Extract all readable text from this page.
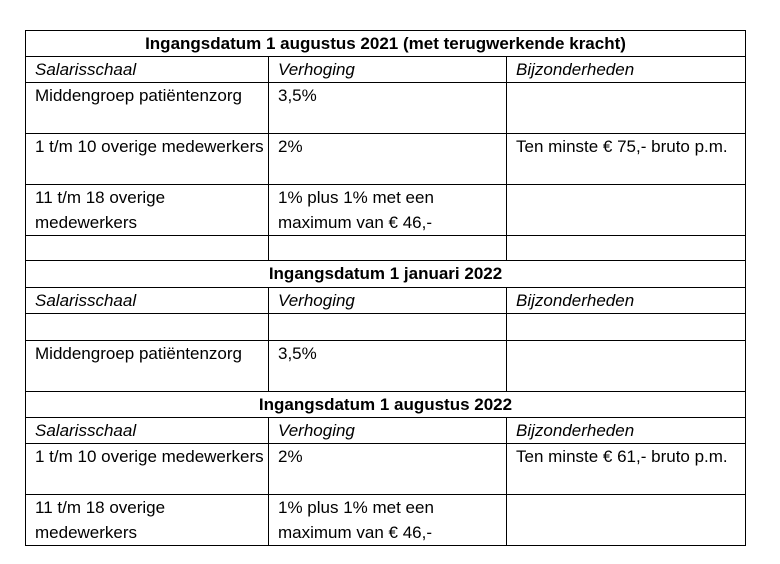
Ingangsdatum 1 augustus 2021 (met terugwerkende kracht)		
Salarisschaal	Verhoging	Bijzonderheden
Middengroep patiëntenzorg	3,5%	
1 t/m 10 overige medewerkers	2%	Ten minste € 75,- bruto p.m.
11 t/m 18 overige medewerkers	1% plus 1% met een maximum van € 46,-	

Ingangsdatum 1 januari 2022		
Salarisschaal	Verhoging	Bijzonderheden

Middengroep patiëntenzorg	3,5%	
Ingangsdatum 1 augustus 2022		
Salarisschaal	Verhoging	Bijzonderheden
1 t/m 10 overige medewerkers	2%	Ten minste € 61,- bruto p.m.
11 t/m 18 overige medewerkers	1% plus 1% met een maximum van € 46,-	
